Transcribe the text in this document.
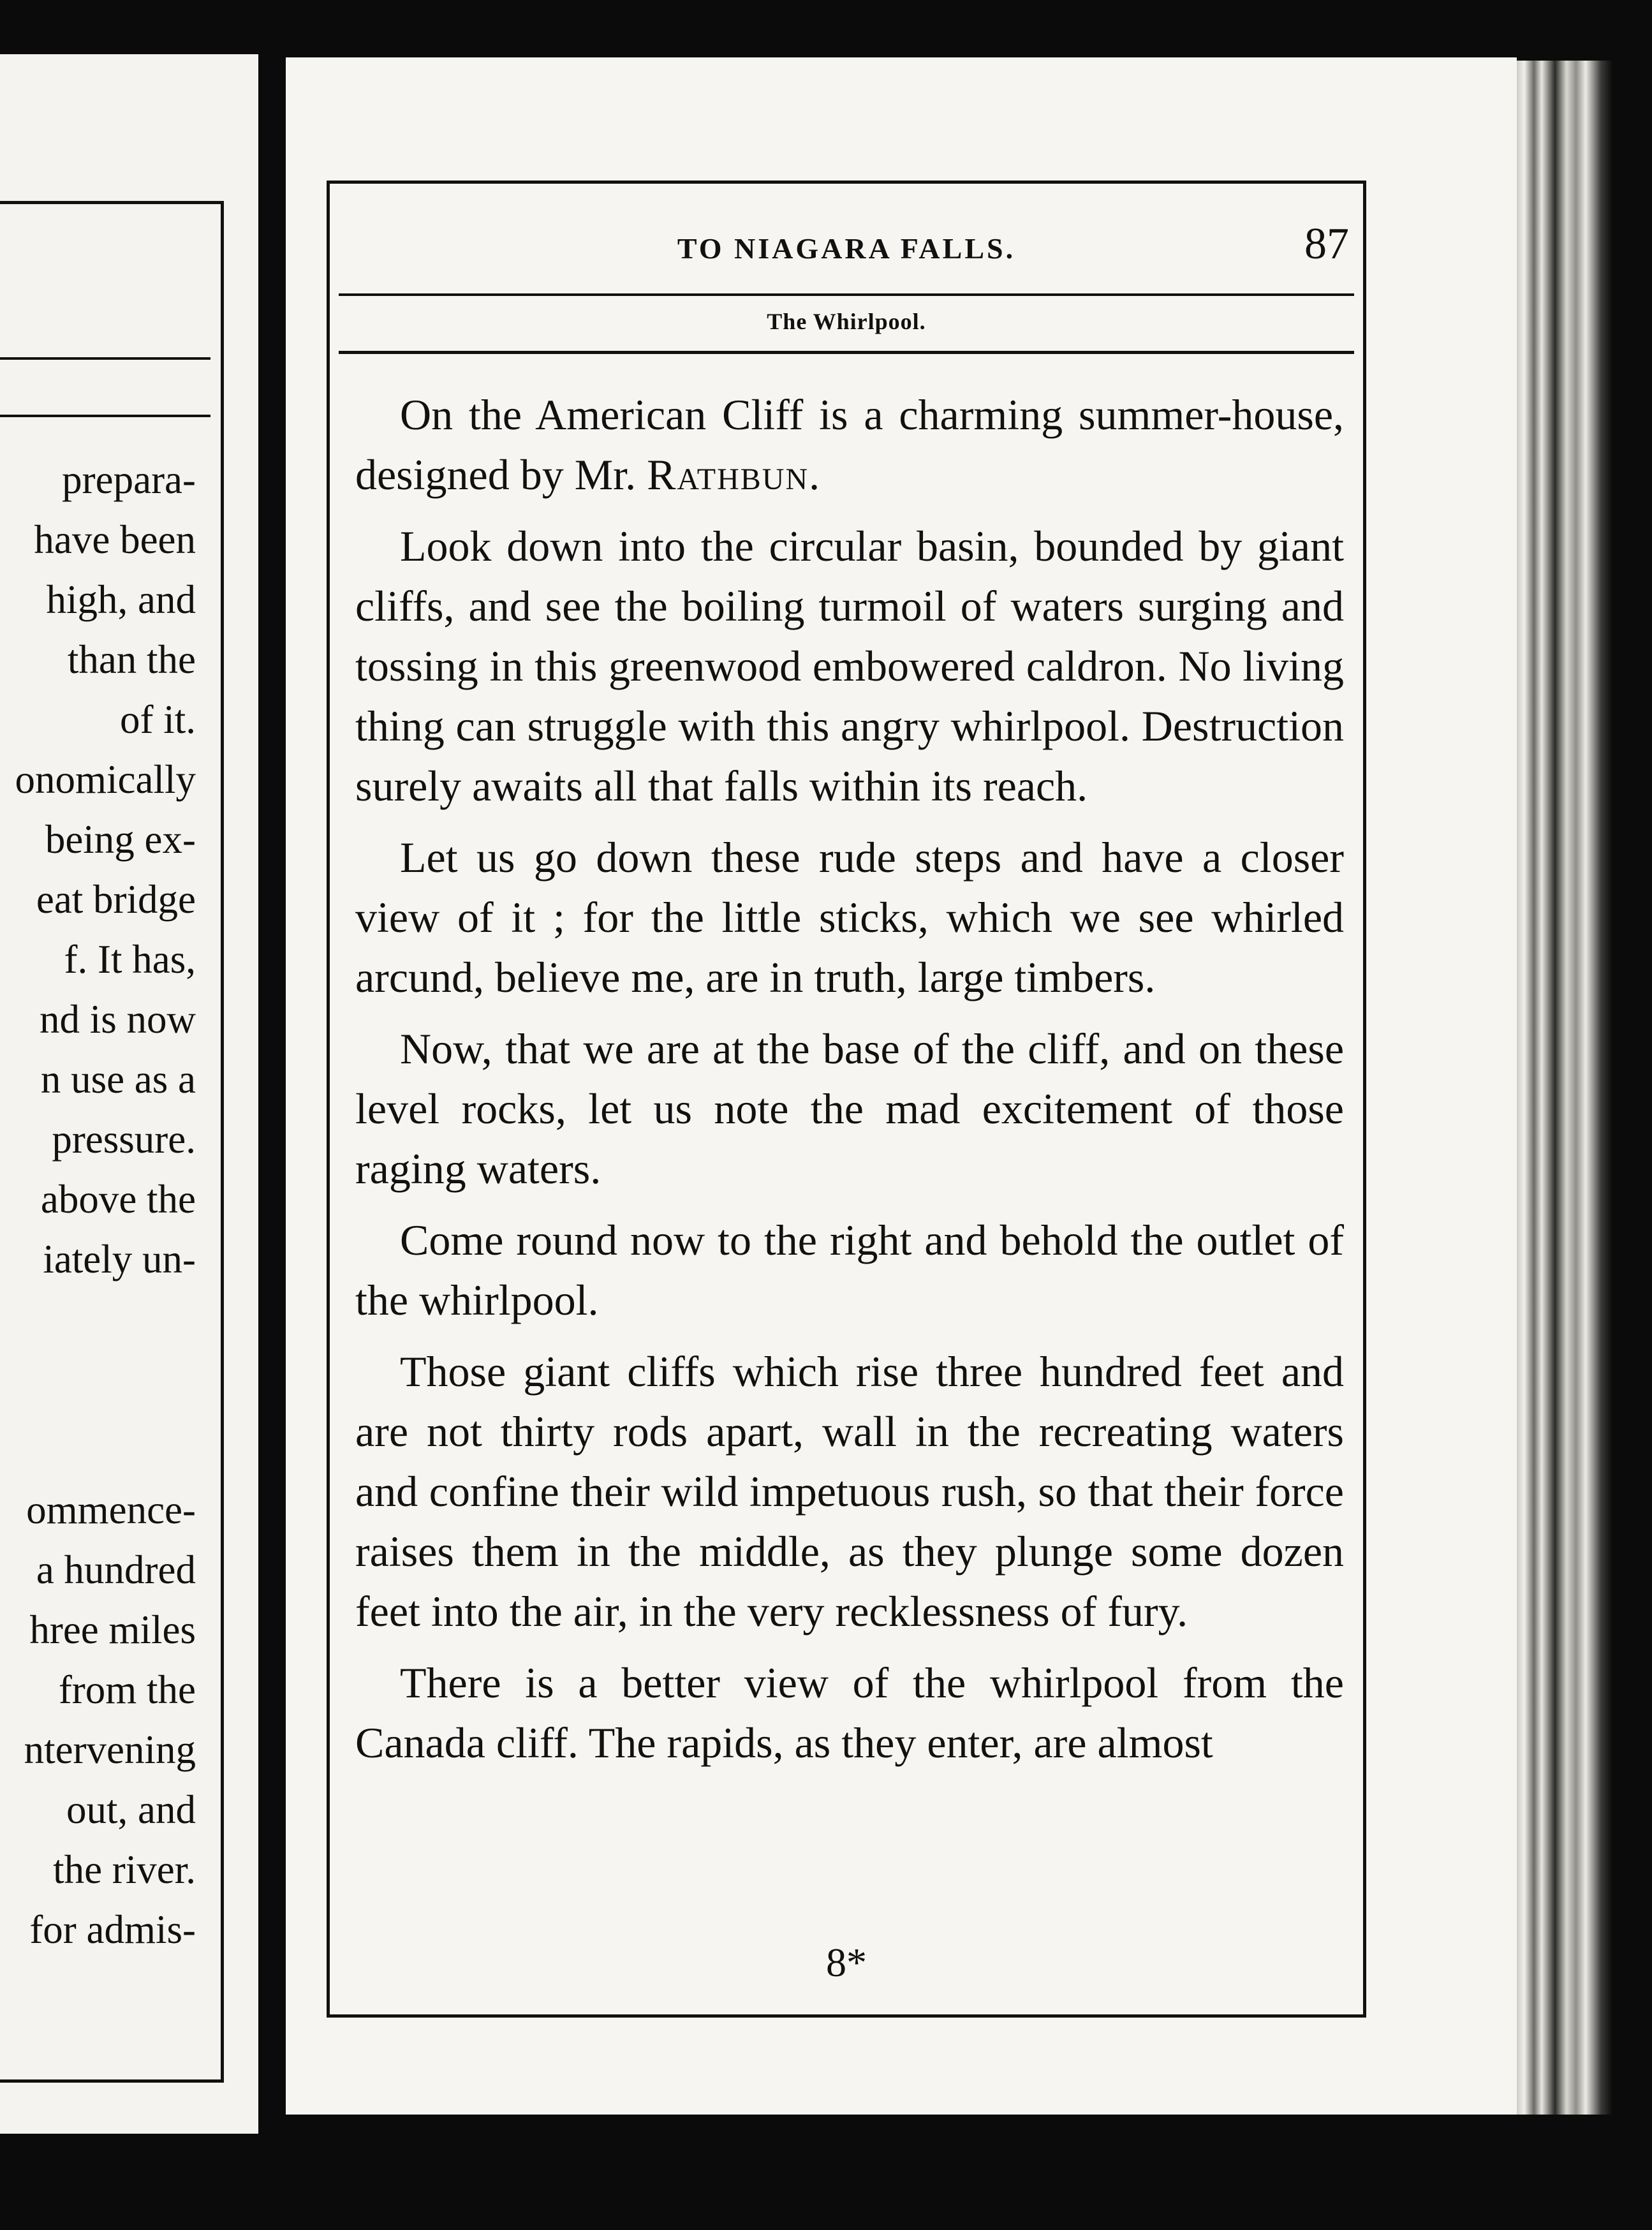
preparа-
have been
high, and
than the
of it.
onomically
being ex-
eat bridge
f. It has,
nd is now
n use as a
pressure.
above the
iately un-
ommence-
a hundred
hree miles
from the
ntervening
out, and
the river.
for admis-
TO NIAGARA FALLS.	87
The Whirlpool.

On the American Cliff is a charming summer-house, designed by Mr. Rathbun.

Look down into the circular basin, bounded by giant cliffs, and see the boiling turmoil of waters surging and tossing in this greenwood embowered caldron. No living thing can struggle with this angry whirlpool. Destruction surely awaits all that falls within its reach.

Let us go down these rude steps and have a closer view of it ; for the little sticks, which we see whirled arcund, believe me, are in truth, large timbers.

Now, that we are at the base of the cliff, and on these level rocks, let us note the mad excitement of those raging waters.

Come round now to the right and behold the outlet of the whirlpool.

Those giant cliffs which rise three hundred feet and are not thirty rods apart, wall in the recreating waters and confine their wild impetuous rush, so that their force raises them in the middle, as they plunge some dozen feet into the air, in the very recklessness of fury.

There is a better view of the whirlpool from the Canada cliff. The rapids, as they enter, are almost

8*
